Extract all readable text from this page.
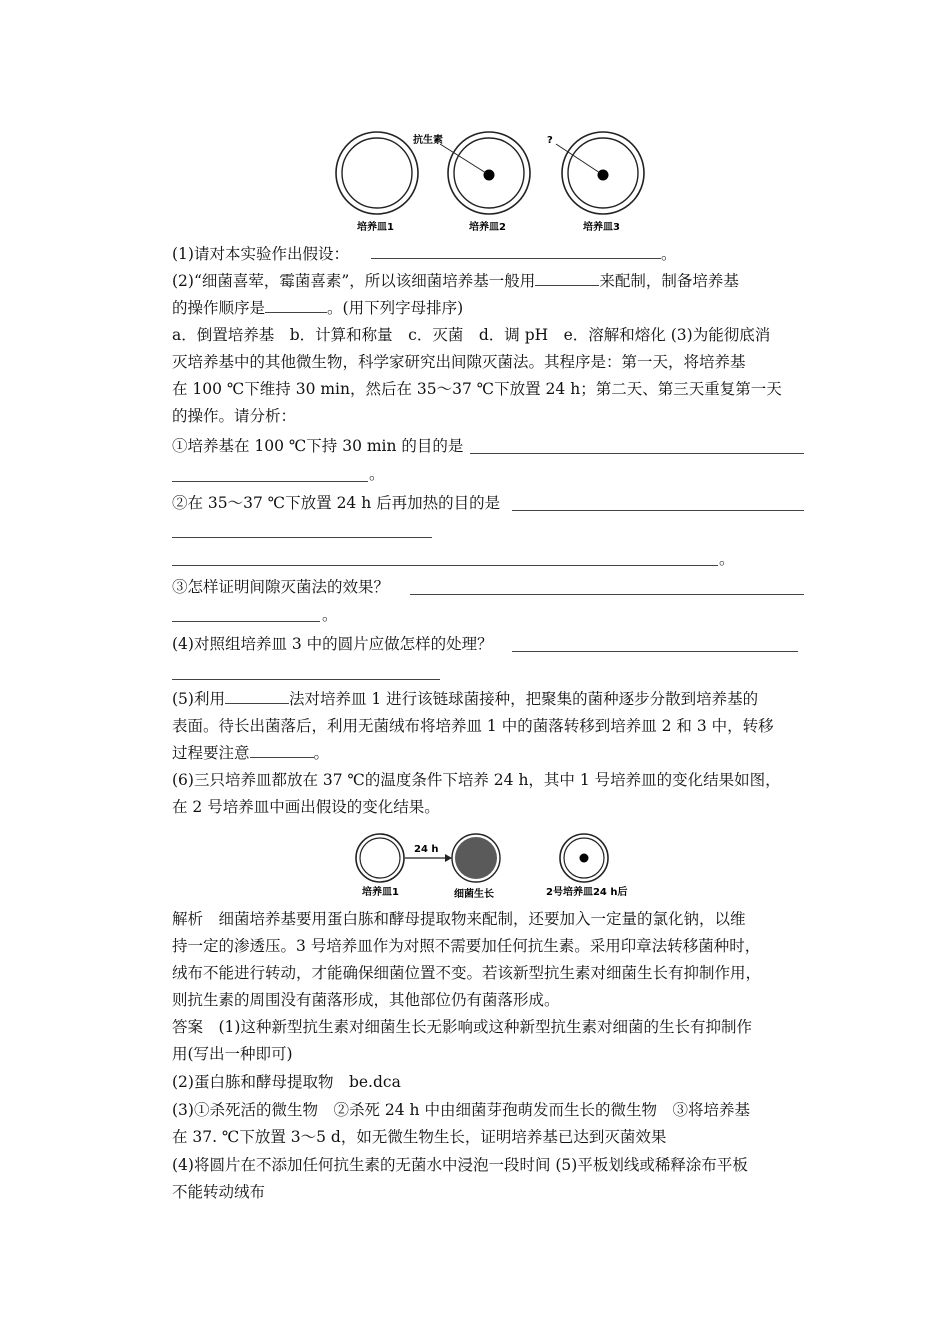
抗生素	?
培养皿1	培养皿2	培养皿3
(1)请对本实验作出假设：	。
(2)“细菌喜荤，霉菌喜素”，所以该细菌培养基一般用	来配制，制备培养基
的操作顺序是	。(用下列字母排序)
a．倒置培养基　b．计算和称量　c．灭菌　d．调 pH　e．溶解和熔化 (3)为能彻底消
灭培养基中的其他微生物，科学家研究出间隙灭菌法。其程序是：第一天，将培养基
在 100 ℃下维持 30 min，然后在 35～37 ℃下放置 24 h；第二天、第三天重复第一天
的操作。请分析：
①培养基在 100 ℃下持 30 min 的目的是
。
②在 35～37 ℃下放置 24 h 后再加热的目的是
。
③怎样证明间隙灭菌法的效果？
。
(4)对照组培养皿 3 中的圆片应做怎样的处理？
(5)利用	法对培养皿 1 进行该链球菌接种，把聚集的菌种逐步分散到培养基的
表面。待长出菌落后，利用无菌绒布将培养皿 1 中的菌落转移到培养皿 2 和 3 中，转移
过程要注意	。
(6)三只培养皿都放在 37 ℃的温度条件下培养 24 h，其中 1 号培养皿的变化结果如图，
在 2 号培养皿中画出假设的变化结果。
24 h
培养皿1	细菌生长	2号培养皿24 h后
解析　细菌培养基要用蛋白胨和酵母提取物来配制，还要加入一定量的氯化钠，以维
持一定的渗透压。3 号培养皿作为对照不需要加任何抗生素。采用印章法转移菌种时，
绒布不能进行转动，才能确保细菌位置不变。若该新型抗生素对细菌生长有抑制作用，
则抗生素的周围没有菌落形成，其他部位仍有菌落形成。
答案　(1)这种新型抗生素对细菌生长无影响或这种新型抗生素对细菌的生长有抑制作
用(写出一种即可)
(2)蛋白胨和酵母提取物　be.dca
(3)①杀死活的微生物　②杀死 24 h 中由细菌芽孢萌发而生长的微生物　③将培养基
在 37. ℃下放置 3～5 d，如无微生物生长，证明培养基已达到灭菌效果
(4)将圆片在不添加任何抗生素的无菌水中浸泡一段时间 (5)平板划线或稀释涂布平板
不能转动绒布
